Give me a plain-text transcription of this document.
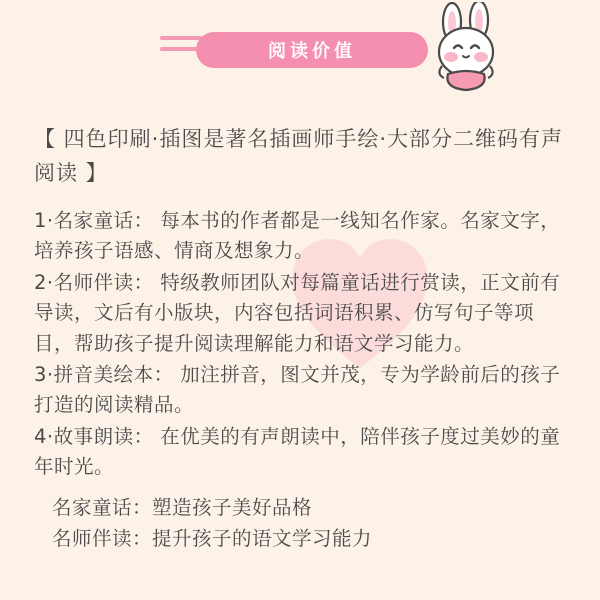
阅读价值
【 四色印刷·插图是著名插画师手绘·大部分二维码有声阅读 】

1·名家童话： 每本书的作者都是一线知名作家。名家文字，培养孩子语感、情商及想象力。

2·名师伴读： 特级教师团队对每篇童话进行赏读，正文前有导读，文后有小版块，内容包括词语积累、仿写句子等项目，帮助孩子提升阅读理解能力和语文学习能力。

3·拼音美绘本： 加注拼音，图文并茂，专为学龄前后的孩子打造的阅读精品。

4·故事朗读： 在优美的有声朗读中，陪伴孩子度过美妙的童年时光。

名家童话：塑造孩子美好品格

名师伴读：提升孩子的语文学习能力
